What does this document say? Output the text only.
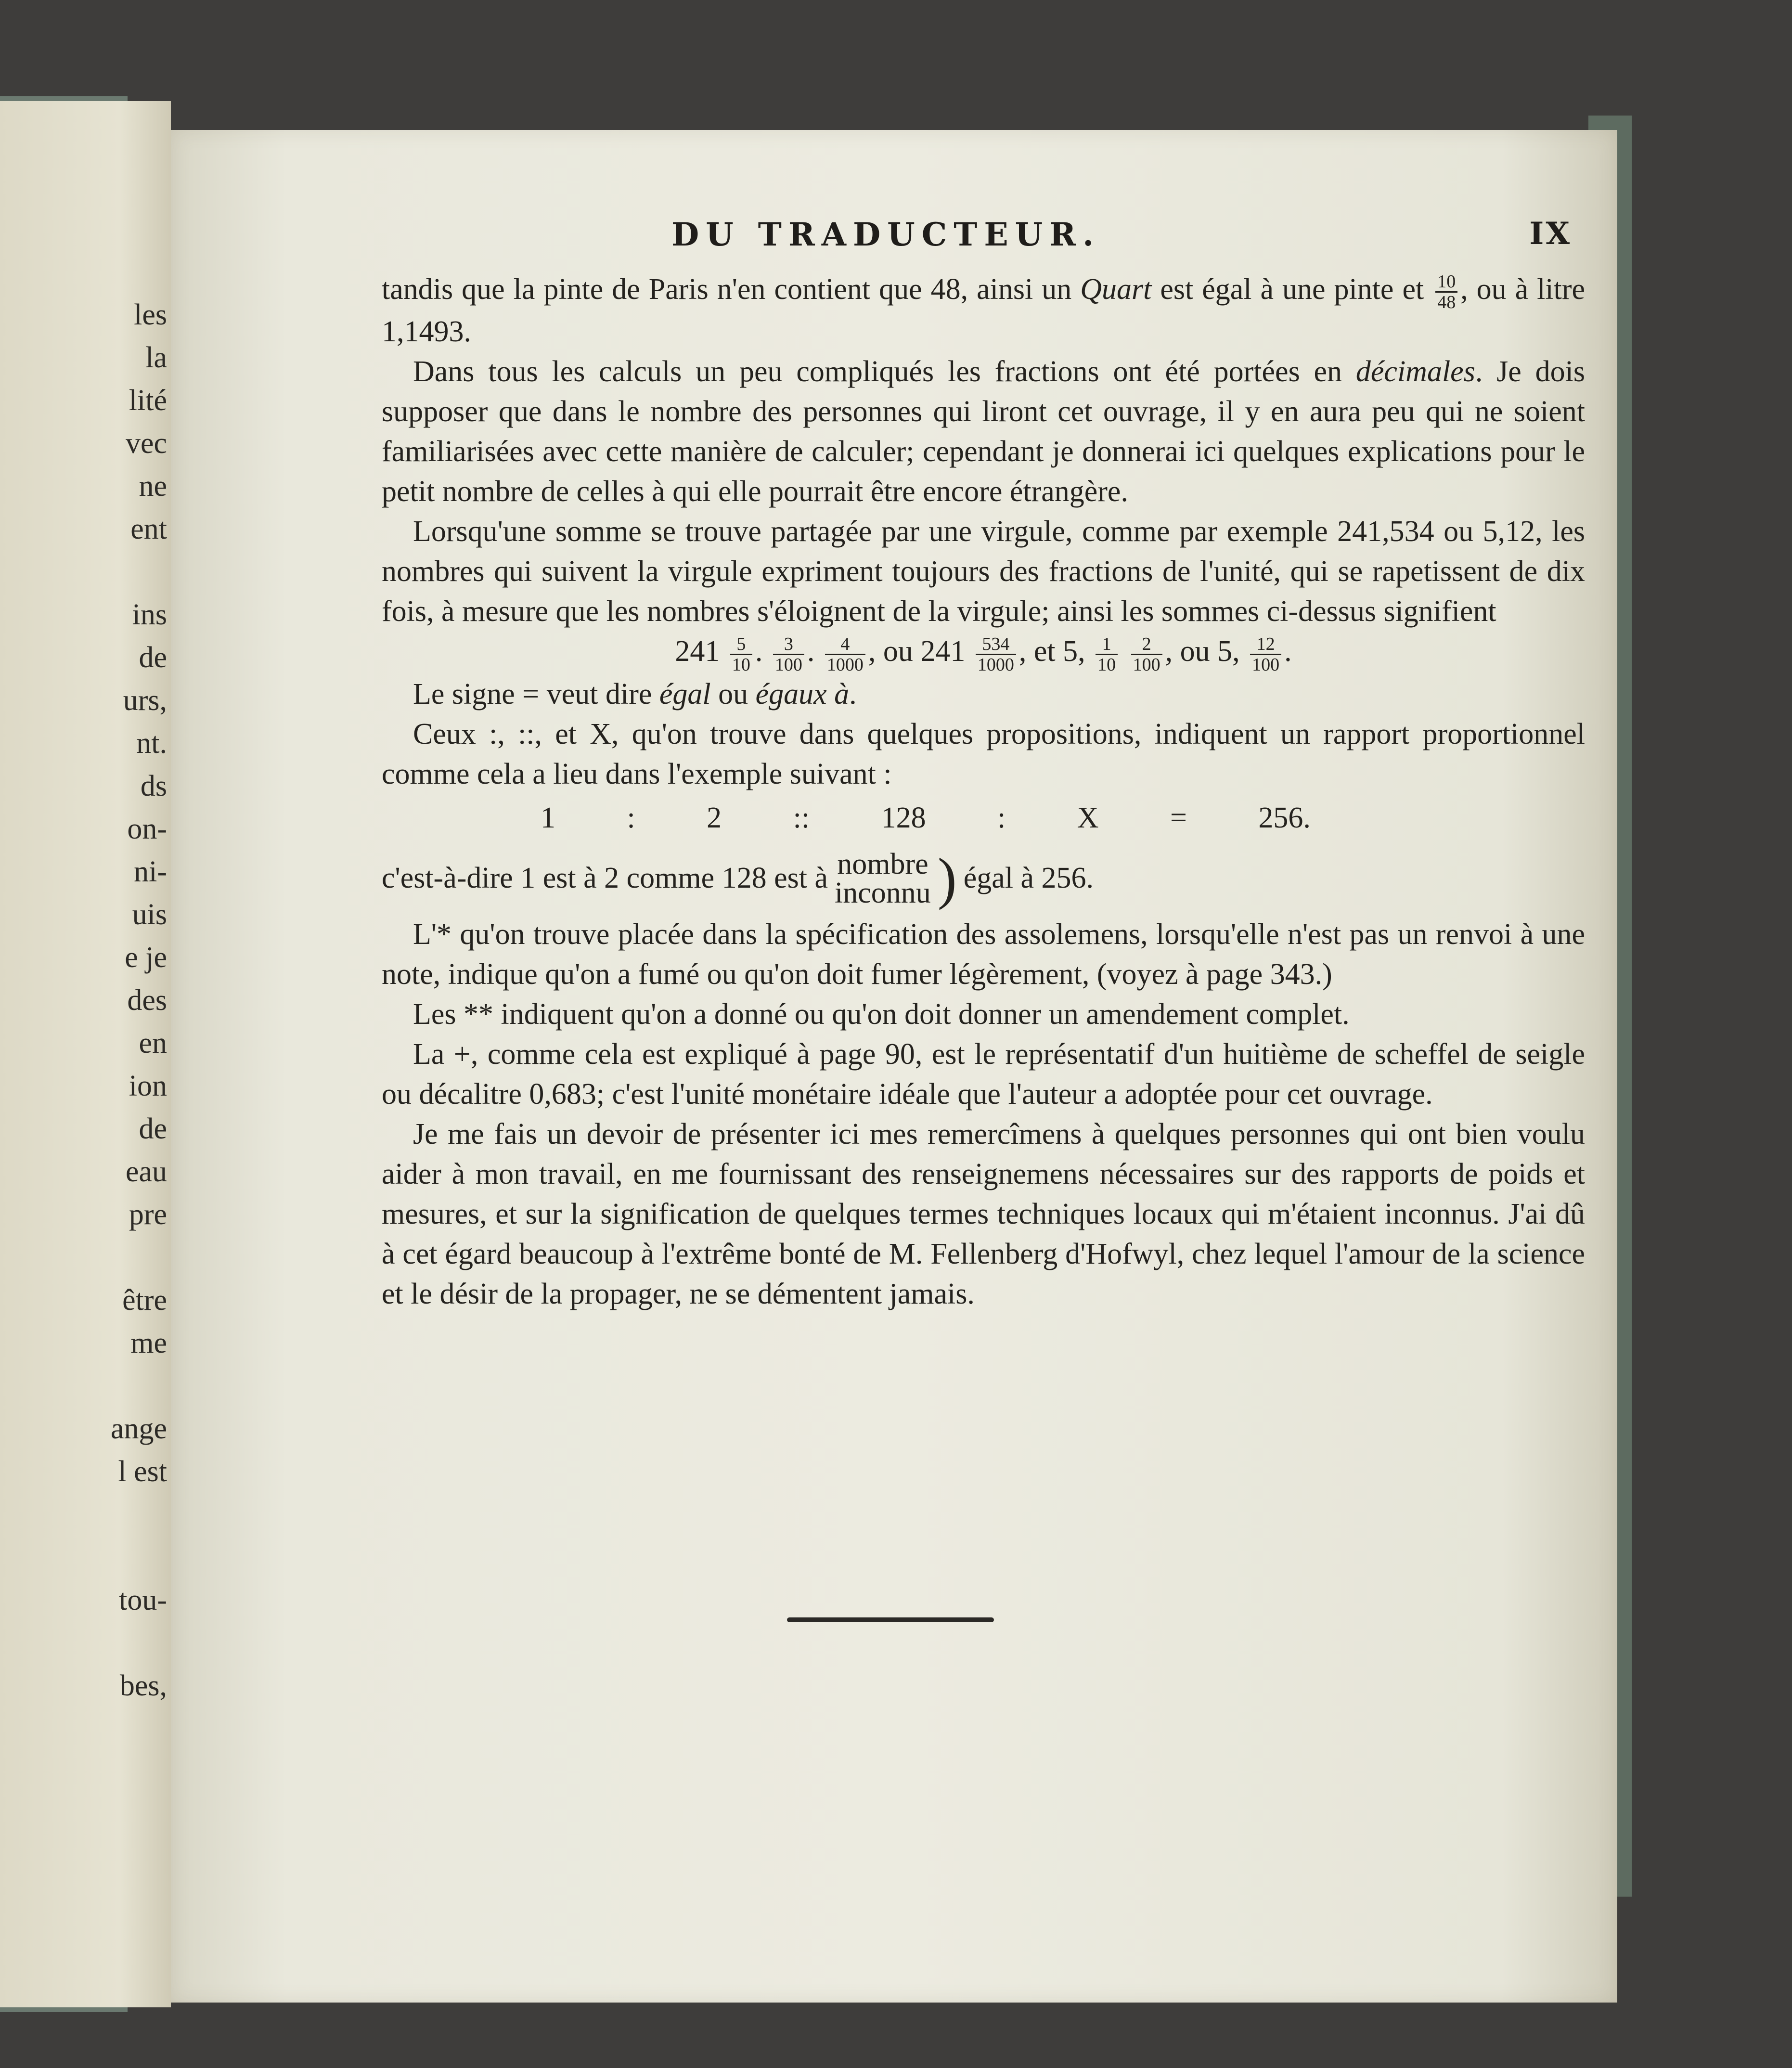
les
la
lité
vec
ne
ent
ins
de
urs,
nt.
ds
on-
ni-
uis
e je
des
en
ion
de
eau
pre
être
me
ange
l est
tou-
bes,
DU TRADUCTEUR.	IX

tandis que la pinte de Paris n'en contient que 48, ainsi un Quart est égal à une pinte et $\frac{10}{48}$ , ou à litre 1,1493.

Dans tous les calculs un peu compliqués les fractions ont été portées en décimales. Je dois supposer que dans le nombre des personnes qui liront cet ouvrage, il y en aura peu qui ne soient familiarisées avec cette manière de calculer; cependant je donnerai ici quelques explications pour le petit nombre de celles à qui elle pourrait être encore étrangère.

Lorsqu'une somme se trouve partagée par une virgule, comme par exemple 241,534 ou 5,12, les nombres qui suivent la virgule expriment toujours des fractions de l'unité, qui se rapetissent de dix fois, à mesure que les nombres s'éloignent de la virgule; ainsi les sommes ci-dessus signifient

$241 \frac{5}{10}$ . $\frac{3}{100}$ . $\frac{4}{1000}$ , ou $241 \frac{534}{1000}$ , et 5, $\frac{1}{10}$
$\frac{2}{100}$ , ou 5, $\frac{12}{100}$ .

Le signe = veut dire égal ou égaux à.

Ceux :, ::, et X, qu'on trouve dans quelques propositions, indiquent un rapport proportionnel comme cela a lieu dans l'exemple suivant :

1 : 2 :: 128 : X = 256.
c'est-à-dire 1 est à 2 comme 128 est à nombre
inconnu ) égal à 256.

L'* qu'on trouve placée dans la spécification des assolemens, lorsqu'elle n'est pas un renvoi à une note, indique qu'on a fumé ou qu'on doit fumer légèrement, (voyez à page 343.)

Les ** indiquent qu'on a donné ou qu'on doit donner un amendement complet.

La +, comme cela est expliqué à page 90, est le représentatif d'un huitième de scheffel de seigle ou décalitre 0,683; c'est l'unité monétaire idéale que l'auteur a adoptée pour cet ouvrage.

Je me fais un devoir de présenter ici mes remercîmens à quelques personnes qui ont bien voulu aider à mon travail, en me fournissant des renseignemens nécessaires sur des rapports de poids et mesures, et sur la signification de quelques termes techniques locaux qui m'étaient inconnus. J'ai dû à cet égard beaucoup à l'extrême bonté de M. Fellenberg d'Hofwyl, chez lequel l'amour de la science et le désir de la propager, ne se démentent jamais.
